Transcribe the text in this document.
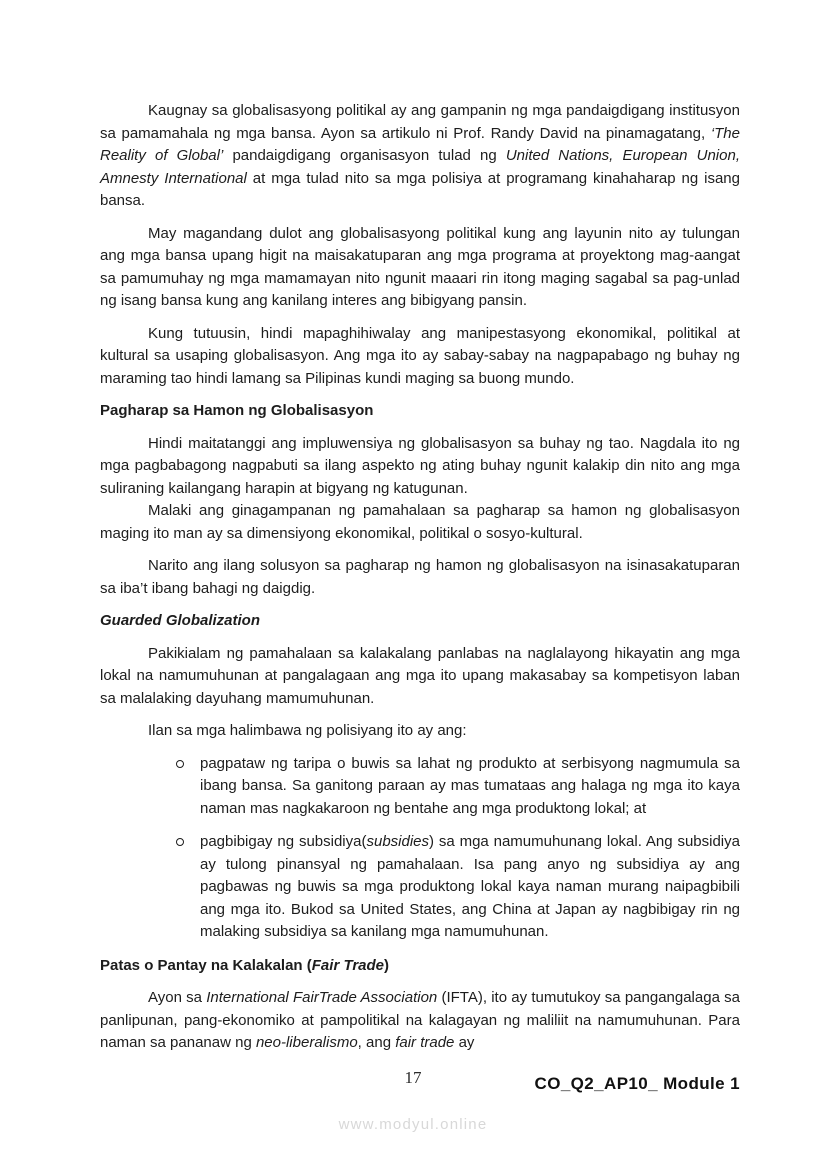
Kaugnay sa globalisasyong politikal ay ang gampanin ng mga pandaigdigang institusyon sa pamamahala ng mga bansa. Ayon sa artikulo ni Prof. Randy David na pinamagatang, ‘The Reality of Global’ pandaigdigang organisasyon tulad ng United Nations, European Union, Amnesty International at mga tulad nito sa mga polisiya at programang kinahaharap ng isang bansa.

May magandang dulot ang globalisasyong politikal kung ang layunin nito ay tulungan ang mga bansa upang higit na maisakatuparan ang mga programa at proyektong mag-aangat sa pamumuhay ng mga mamamayan nito ngunit maaari rin itong maging sagabal sa pag-unlad ng isang bansa kung ang kanilang interes ang bibigyang pansin.

Kung tutuusin, hindi mapaghihiwalay ang manipestasyong ekonomikal, politikal at kultural sa usaping globalisasyon. Ang mga ito ay sabay-sabay na nagpapabago ng buhay ng maraming tao hindi lamang sa Pilipinas kundi maging sa buong mundo.

Pagharap sa Hamon ng Globalisasyon

Hindi maitatanggi ang impluwensiya ng globalisasyon sa buhay ng tao. Nagdala ito ng mga pagbabagong nagpabuti sa ilang aspekto ng ating buhay ngunit kalakip din nito ang mga suliraning kailangang harapin at bigyang ng katugunan.

Malaki ang ginagampanan ng pamahalaan sa pagharap sa hamon ng globalisasyon maging ito man ay sa dimensiyong ekonomikal, politikal o sosyo-kultural.

Narito ang ilang solusyon sa pagharap ng hamon ng globalisasyon na isinasakatuparan sa iba’t ibang bahagi ng daigdig.

Guarded Globalization

Pakikialam ng pamahalaan sa kalakalang panlabas na naglalayong hikayatin ang mga lokal na namumuhunan at pangalagaan ang mga ito upang makasabay sa kompetisyon laban sa malalaking dayuhang mamumuhunan.

Ilan sa mga halimbawa ng polisiyang ito ay ang:

pagpataw ng taripa o buwis sa lahat ng produkto at serbisyong nagmumula sa ibang bansa. Sa ganitong paraan ay mas tumataas ang halaga ng mga ito kaya naman mas nagkakaroon ng bentahe ang mga produktong lokal; at
pagbibigay ng subsidiya(subsidies) sa mga namumuhunang lokal. Ang subsidiya ay tulong pinansyal ng pamahalaan. Isa pang anyo ng subsidiya ay ang pagbawas ng buwis sa mga produktong lokal kaya naman murang naipagbibili ang mga ito. Bukod sa United States, ang China at Japan ay nagbibigay rin ng malaking subsidiya sa kanilang mga namumuhunan.
Patas o Pantay na Kalakalan (Fair Trade)

Ayon sa International FairTrade Association (IFTA), ito ay tumutukoy sa pangangalaga sa panlipunan, pang-ekonomiko at pampolitikal na kalagayan ng maliliit na namumuhunan. Para naman sa pananaw ng neo-liberalismo, ang fair trade ay

17	CO_Q2_AP10_ Module 1
www.modyul.online
